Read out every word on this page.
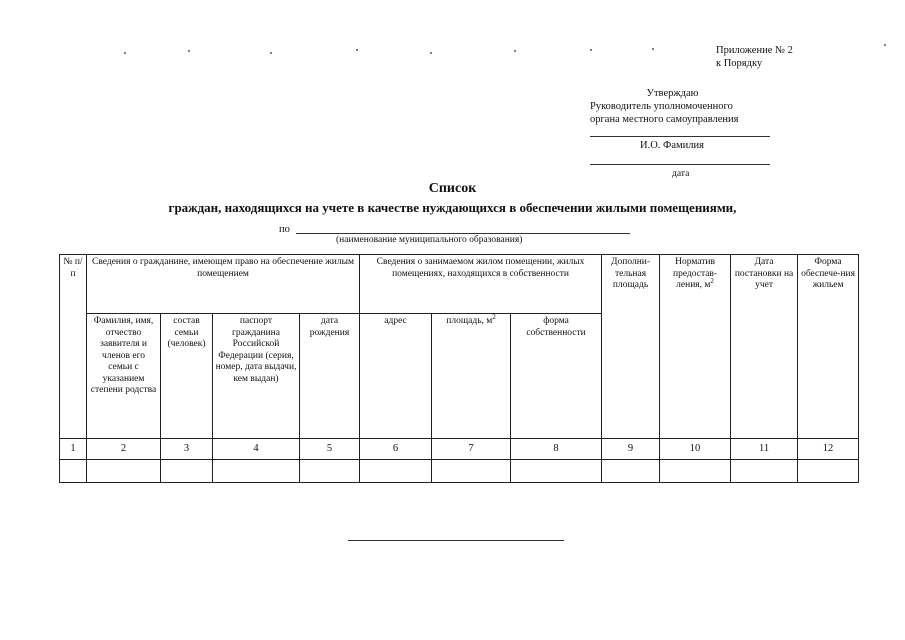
Приложение № 2
к Порядку
Утверждаю
Руководитель уполномоченного
органа местного самоуправления
И.О. Фамилия
дата
Список
граждан, находящихся на учете в качестве нуждающихся в обеспечении жилыми помещениями,
по
(наименование муниципального образования)
№ п/п	Сведения о гражданине, имеющем право на обеспечение жилым помещением				Сведения о занимаемом жилом помещении, жилых помещениях, находящихся в собственности			Дополни-тельная площадь	Норматив предостав-ления, $м^2$	Дата постановки на учет	Форма обеспече-ния жильем
	Фамилия, имя, отчество заявителя и членов его семьи с указанием степени родства	состав семьи (человек)	паспорт гражданина Российской Федерации (серия, номер, дата выдачи, кем выдан)	дата рождения	адрес	площадь, $м^2$	форма собственности				
1	2	3	4	5	6	7	8	9	10	11	12
